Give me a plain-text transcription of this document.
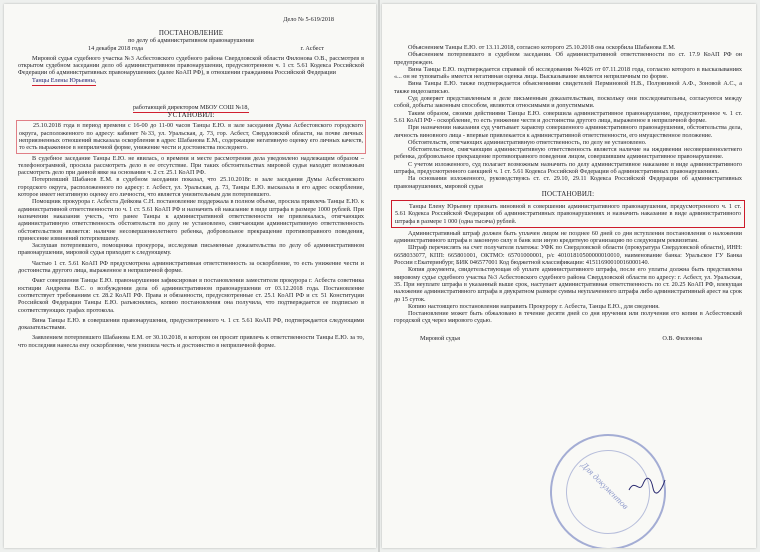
Дело № 5-619/2018
ПОСТАНОВЛЕНИЕ
по делу об административном правонарушении
14 декабря 2018 года	г. Асбест

Мировой судья судебного участка №3 Асбестовского судебного района Свердловской области Филонова О.В., рассмотрев в открытом судебном заседании дело об административном правонарушении, предусмотренном ч. 1 ст. 5.61 Кодекса Российской Федерации об административных правонарушениях (далее КоАП РФ), в отношении гражданина Российской Федерации

Танцы Елены Юрьевны,

работающей директором МБОУ СОШ №18,
УСТАНОВИЛ:

25.10.2018 года в период времени с 16-00 до 11-00 часов Танцы Е.Ю. в зале заседания Думы Асбестовского городского округа, расположенного по адресу: кабинет №33, ул. Уральская, д. 73, гор. Асбест, Свердловской области, на почве личных неприязненных отношений высказала оскорбления в адрес Шабанова Е.М., содержащие негативную оценку его личных качеств, то есть выраженное в неприличной форме, унижение чести и достоинства последнего.

В судебное заседание Танцы Е.Ю. не явилась, о времени и месте рассмотрения дела уведомлено надлежащим образом – телефонограммой, просила рассмотреть дело в ее отсутствие. При таких обстоятельствах мировой судья находит возможным рассмотреть дело при данной явке на основании ч. 2 ст. 25.1 КоАП РФ.

Потерпевший Шабанов Е.М. в судебном заседании показал, что 25.10.2018г. в зале заседания Думы Асбестовского городского округа, расположенного по адресу: г. Асбест, ул. Уральская, д. 73, Танцы Е.Ю. высказала в его адрес оскорбление, которое имеет негативную оценку его личности, что является унизительным для потерпевшего.

Помощник прокурора г. Асбеста Дейкова С.Н. постановление поддержала в полном объеме, просила привлечь Танцы Е.Ю. к административной ответственности по ч. 1 ст. 5.61 КоАП РФ и назначить ей наказание в виде штрафа в размере 1000 рублей. При назначении наказания учесть, что ранее Танцы к административной ответственности не привлекалась, отягчающих административную ответственность обстоятельств по делу не установлено, смягчающим административную ответственность обстоятельством является: наличие несовершеннолетнего ребенка, добровольное прекращение противоправного поведения, принесение извинений потерпевшему.

Заслушав потерпевшего, помощника прокурора, исследовав письменные доказательства по делу об административном правонарушении, мировой судья приходит к следующему.

Частью 1 ст. 5.61 КоАП РФ предусмотрена административная ответственность за оскорбление, то есть унижение чести и достоинства другого лица, выраженное в неприличной форме.

Факт совершения Танцы Е.Ю. правонарушения зафиксирован в постановлении заместителя прокурора г. Асбеста советника юстиции Андреева В.С. о возбуждении дела об административном правонарушении от 03.12.2018 года. Постановление соответствует требованиям ст. 28.2 КоАП РФ. Права и обязанности, предусмотренные ст. 25.1 КоАП РФ и ст. 51 Конституции Российской Федерации Танцы Е.Ю. разъяснялись, копию постановления она получила, что подтверждается ее подписью в соответствующих графах протокола.

Вина Танцы Е.Ю. в совершении правонарушения, предусмотренного ч. 1 ст. 5.61 КоАП РФ, подтверждается следующими доказательствами.

Заявлением потерпевшего Шабанова Е.М. от 30.10.2018, в котором он просит привлечь к ответственности Танцы Е.Ю. за то, что последняя нанесла ему оскорбление, чем унизила честь и достоинство в неприличной форме.

Объяснением Танцы Е.Ю. от 13.11.2018, согласно которого 25.10.2018 она оскорбила Шабанова Е.М.

Объяснением потерпевшего в судебном заседании. Об административной ответственности по ст. 17.9 КоАП РФ он предупрежден.

Вина Танцы Е.Ю. подтверждается справкой об исследовании №4926 от 07.11.2018 года, согласно которого в высказываниях «... он не туповатый» имеется негативная оценка лица. Высказывание является неприличным по форме.

Вина Танцы Е.Ю. также подтверждается объяснениями свидетелей Перминовой Н.В., Полуяниной А.Ф., Зоновой А.С., а также видеозаписью.

Суд доверяет представленным в деле письменным доказательствам, поскольку они последовательны, согласуются между собой, добыты законным способом, являются относимыми и допустимыми.

Таким образом, своими действиями Танцы Е.Ю. совершила административное правонарушение, предусмотренное ч. 1 ст. 5.61 КоАП РФ - оскорбление, то есть унижение чести и достоинства другого лица, выраженное в неприличной форме.

При назначении наказания суд учитывает характер совершенного административного правонарушения, обстоятельства дела, личность виновного лица - впервые привлекается к административной ответственности, его имущественное положение.

Обстоятельств, отягчающих административную ответственность, по делу не установлено.

Обстоятельством, смягчающим административную ответственность является наличие на иждивении несовершеннолетнего ребенка, добровольное прекращение противоправного поведения лицом, совершившим административное правонарушение.

С учетом изложенного, суд полагает возможным назначить по делу административное наказание в виде административного штрафа, предусмотренного санкцией ч. 1 ст. 5.61 Кодекса Российской Федерации об административных правонарушениях.

На основании изложенного, руководствуясь ст. ст. 29.10, 29.11 Кодекса Российской Федерации об административных правонарушениях, мировой судья

ПОСТАНОВИЛ:

Танцы Елену Юрьевну признать виновной в совершении административного правонарушения, предусмотренного ч. 1 ст. 5.61 Кодекса Российской Федерации об административных правонарушениях и назначить наказание в виде административного штрафа в размере 1 000 (одна тысяча) рублей.

Административный штраф должен быть уплачен лицом не позднее 60 дней со дня вступления постановления о наложении административного штрафа в законную силу в банк или иную кредитную организацию по следующим реквизитам.

Штраф перечислять на счет получателя платежа: УФК по Свердловской области (прокуратура Свердловской области), ИНН: 6658033077, КПП: 665801001, ОКТМО: 65701000001, р/с 40101810500000010010, наименование банка: Уральское ГУ Банка России г.Екатеринбург, БИК 046577001 Код бюджетной классификации: 41511690010016000140.

Копия документа, свидетельствующая об уплате административного штрафа, после его уплаты должна быть представлена мировому судье судебного участка №3 Асбестовского судебного района Свердловской области по адресу: г. Асбест, ул. Уральская, 35. При неуплате штрафа в указанный выше срок, наступает административная ответственность по ст. 20.25 КоАП РФ, влекущая наложение административного штрафа в двукратном размере суммы неуплаченного штрафа либо административный арест на срок до 15 суток.

Копию настоящего постановления направить Прокурору г. Асбеста, Танцы Е.Ю., для сведения.

Постановление может быть обжаловано в течение десяти дней со дня вручения или получения его копии в Асбестовский городской суд через мирового судью.

Мировой судья	О.В. Филонова
Для документов
